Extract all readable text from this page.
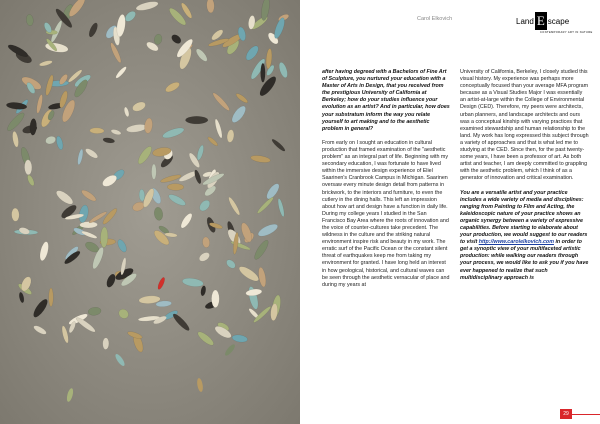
Carol Elkovich	Land E scape
CONTEMPORARY ART IN NATURE

after having degreed with a Bachelors of Fine Art of Sculpture, you nurtured your education with a Master of Arts in Design, that you received from the prestigious University of California at Berkeley; how do your studies influence your evolution as an artist? And in particular, how does your substratum inform the way you relate yourself to art making and to the aesthetic problem in general?

From early on I sought an education in cultural production that framed examination of the "aesthetic problem" as an integral part of life. Beginning with my secondary education, I was fortunate to have lived within the immersive design experience of Eliel Saarinen's Cranbrook Campus in Michigan. Saarinen oversaw every minute design detail from patterns in brickwork, to the interiors and furniture, to even the cutlery in the dining halls. This left an impression about how art and design have a function in daily life. During my college years I studied in the San Francisco Bay Area where the roots of innovation and the voice of counter-cultures take precedent. The wildness in the culture and the striking natural environment inspire risk and beauty in my work. The erratic surf of the Pacific Ocean or the constant silent threat of earthquakes keep me from taking my environment for granted. I have long held an interest in how geological, historical, and cultural waves can be seen through the aesthetic vernacular of place and during my years at

University of California, Berkeley, I closely studied this visual history. My experience was perhaps more conceptually focused than your average MFA program because as a Visual Studies Major I was essentially an artist-at-large within the College of Environmental Design (CED). Therefore, my peers were architects, urban planners, and landscape architects and ours was a conceptual kinship with varying practices that examined stewardship and human relationship to the land. My work has long expressed this subject through a variety of approaches and that is what led me to studying at the CED. Since then, for the past twenty-some years, I have been a professor of art. As both artist and teacher, I am deeply committed to grappling with the aesthetic problem, which I think of as a generator of innovation and critical examination.

You are a versatile artist and your practice includes a wide variety of media and disciplines: ranging from Painting to Film and Acting, the kaleidoscopic nature of your practice shows an organic synergy between a variety of expressive capabilities. Before starting to elaborate about your production, we would suggest to our readers to visit http://www.carolelkovich.com in order to get a synoptic view of your multifaceted artistic production: while walking our readers through your process, we would like to ask you if you have ever happened to realize that such multidisciplinary approach is

29
